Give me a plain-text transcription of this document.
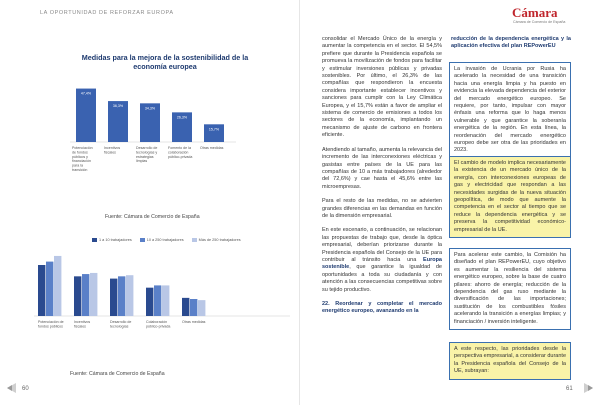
LA OPORTUNIDAD DE REFORZAR EUROPA
Medidas para la mejora de la sostenibilidad de la economía europea
47,4%
Potenciación de fondos públicos y financiación para la transición
36,3%
Incentivos fiscales
34,3%
Desarrollo de tecnologías y estrategias limpias
26,3%
Fomento de la colaboración público-privada
15,7%
Otras medidas
Fuente: Cámara de Comercio de España
1 a 10 trabajadores	10 a 250 trabajadores	Más de 250 trabajadores
Potenciación de fondos públicos
Incentivos fiscales
Desarrollo de tecnologías
Colaboración público-privada
Otras medidas
Fuente: Cámara de Comercio de España
60
Cámara
Cámara de Comercio de España
61

consolidar el Mercado Único de la energía y aumentar la competencia en el sector. El 54,5% prefiere que durante la Presidencia española se promueva la movilización de fondos para facilitar y estimular inversiones públicas y privadas sostenibles. Por último, el 26,3% de las compañías que respondieron la encuesta considera importante establecer incentivos y sanciones para cumplir con la Ley Climática Europea, y el 15,7% están a favor de ampliar el sistema de comercio de emisiones a todos los sectores de la economía, implantando un mecanismo de ajuste de carbono en frontera eficiente.

Atendiendo al tamaño, aumenta la relevancia del incremento de las interconexiones eléctricas y gasistas entre países de la UE para las compañías de 10 a más trabajadores (alrededor del 72,6%) y cae hasta el 45,6% entre las microempresas.

Para el resto de las medidas, no se advierten grandes diferencias en las demandas en función de la dimensión empresarial.

En este escenario, a continuación, se relacionan las propuestas de trabajo que, desde la óptica empresarial, deberían priorizarse durante la Presidencia española del Consejo de la UE para contribuir al tránsito hacia una Europa sostenible, que garantice la igualdad de oportunidades a toda su ciudadanía y con atención a las consecuencias competitivas sobre su tejido productivo.

22. Reordenar y completar el mercado energético europeo, avanzando en la

reducción de la dependencia energética y la aplicación efectiva del plan REPowerEU

La invasión de Ucrania por Rusia ha acelerado la necesidad de una transición hacia una energía limpia y ha puesto en evidencia la elevada dependencia del exterior del mercado energético europeo. Se requiere, por tanto, impulsar con mayor énfasis una reforma que lo haga menos vulnerable y que garantice la soberanía energética de la región. En esta línea, la reordenación del mercado energético europeo debe ser otra de las prioridades en 2023.
El cambio de modelo implica necesariamente la existencia de un mercado único de la energía, con interconexiones europeas de gas y electricidad que respondan a las necesidades surgidas de la nueva situación geopolítica, de modo que aumente la competencia en el sector al tiempo que se reduce la dependencia energética y se preserva la competitividad económico-empresarial de la UE.
Para acelerar este cambio, la Comisión ha diseñado el plan REPowerEU, cuyo objetivo es aumentar la resiliencia del sistema energético europeo, sobre la base de cuatro pilares: ahorro de energía; reducción de la dependencia del gas ruso mediante la diversificación de las importaciones; sustitución de los combustibles fósiles acelerando la transición a energías limpias; y financiación / inversión inteligente.
A este respecto, las prioridades desde la perspectiva empresarial, a considerar durante la Presidencia española del Consejo de la UE, subrayan:
